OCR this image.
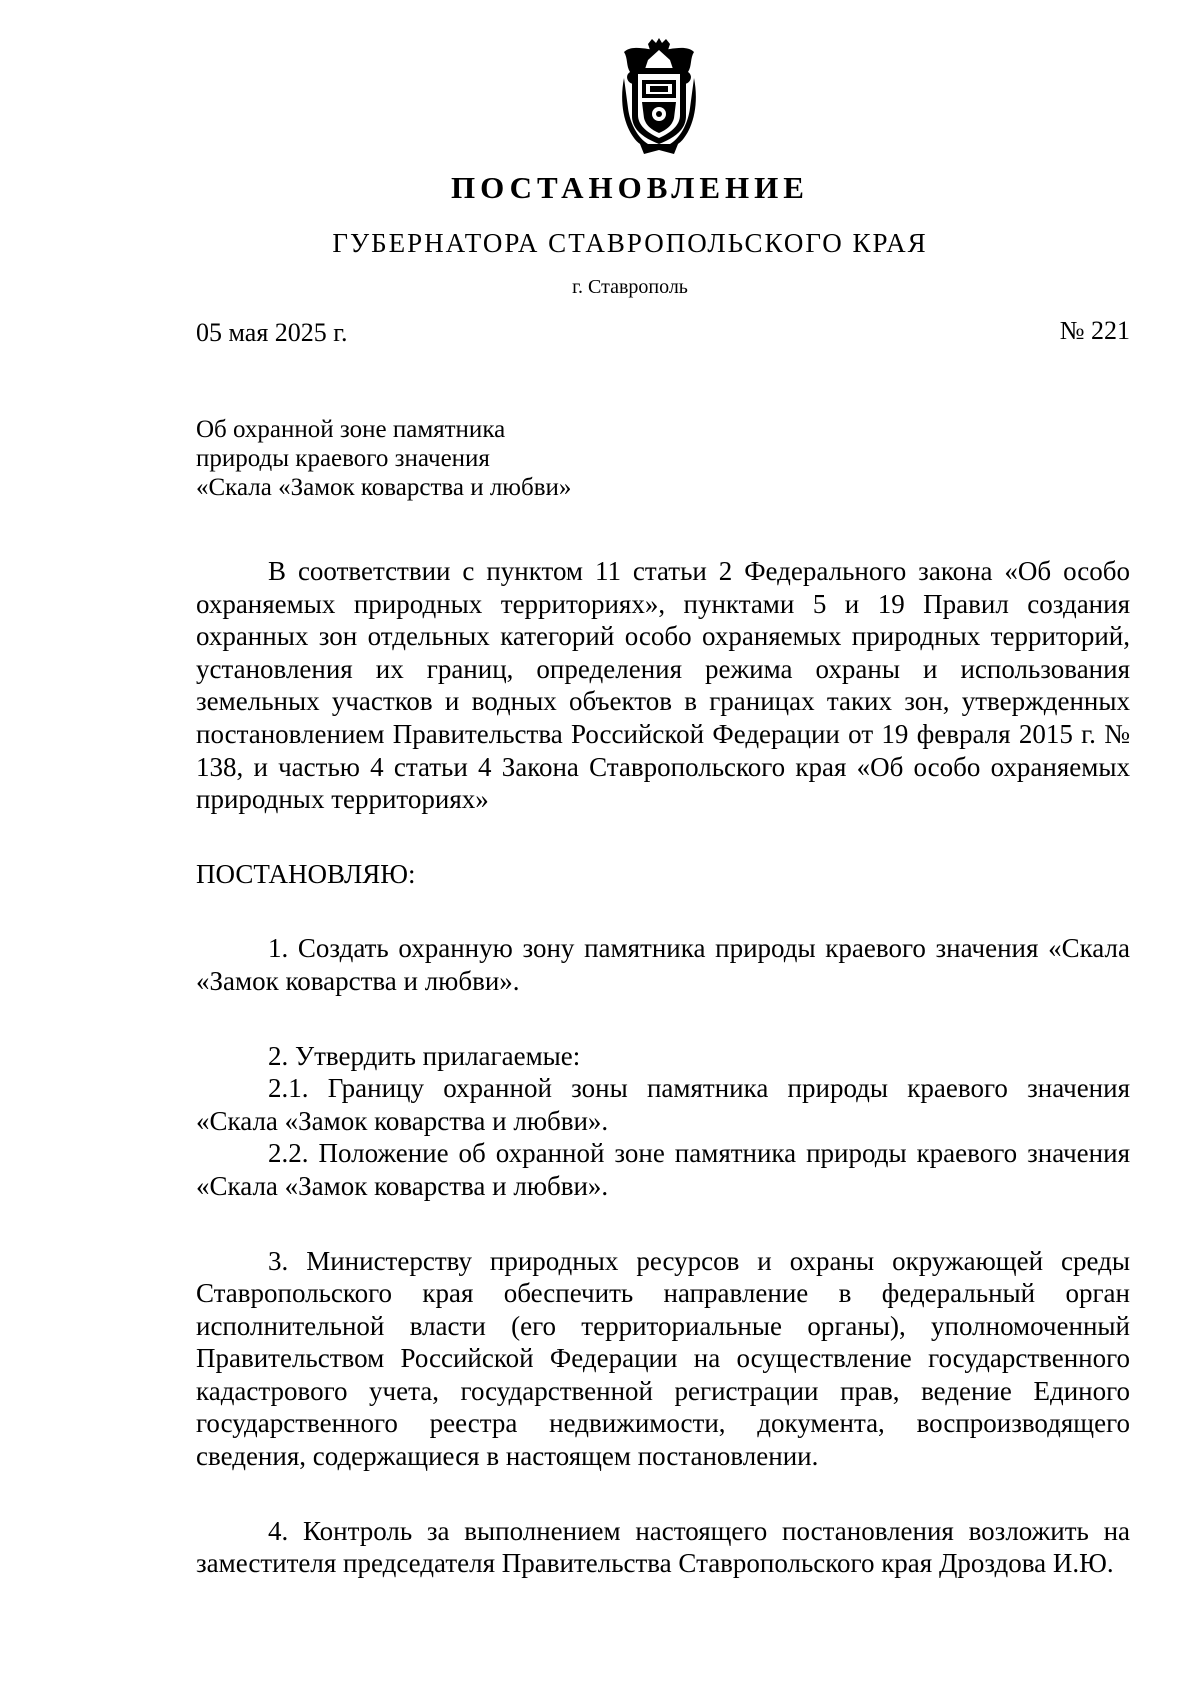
ПОСТАНОВЛЕНИЕ
ГУБЕРНАТОРА СТАВРОПОЛЬСКОГО КРАЯ
г. Ставрополь
05 мая 2025 г.	№ 221
Об охранной зоне памятника
природы краевого значения
«Скала «Замок коварства и любви»

В соответствии с пунктом 11 статьи 2 Федерального закона «Об особо охраняемых природных территориях», пунктами 5 и 19 Правил создания охранных зон отдельных категорий особо охраняемых природных территорий, установления их границ, определения режима охраны и использования земельных участков и водных объектов в границах таких зон, утвержденных постановлением Правительства Российской Федерации от 19 февраля 2015 г. № 138, и частью 4 статьи 4 Закона Ставропольского края «Об особо охраняемых природных территориях»

ПОСТАНОВЛЯЮ:

1. Создать охранную зону памятника природы краевого значения «Скала «Замок коварства и любви».

2. Утвердить прилагаемые:

2.1. Границу охранной зоны памятника природы краевого значения «Скала «Замок коварства и любви».

2.2. Положение об охранной зоне памятника природы краевого значения «Скала «Замок коварства и любви».

3. Министерству природных ресурсов и охраны окружающей среды Ставропольского края обеспечить направление в федеральный орган исполнительной власти (его территориальные органы), уполномоченный Правительством Российской Федерации на осуществление государственного кадастрового учета, государственной регистрации прав, ведение Единого государственного реестра недвижимости, документа, воспроизводящего сведения, содержащиеся в настоящем постановлении.

4. Контроль за выполнением настоящего постановления возложить на заместителя председателя Правительства Ставропольского края Дроздова И.Ю.
